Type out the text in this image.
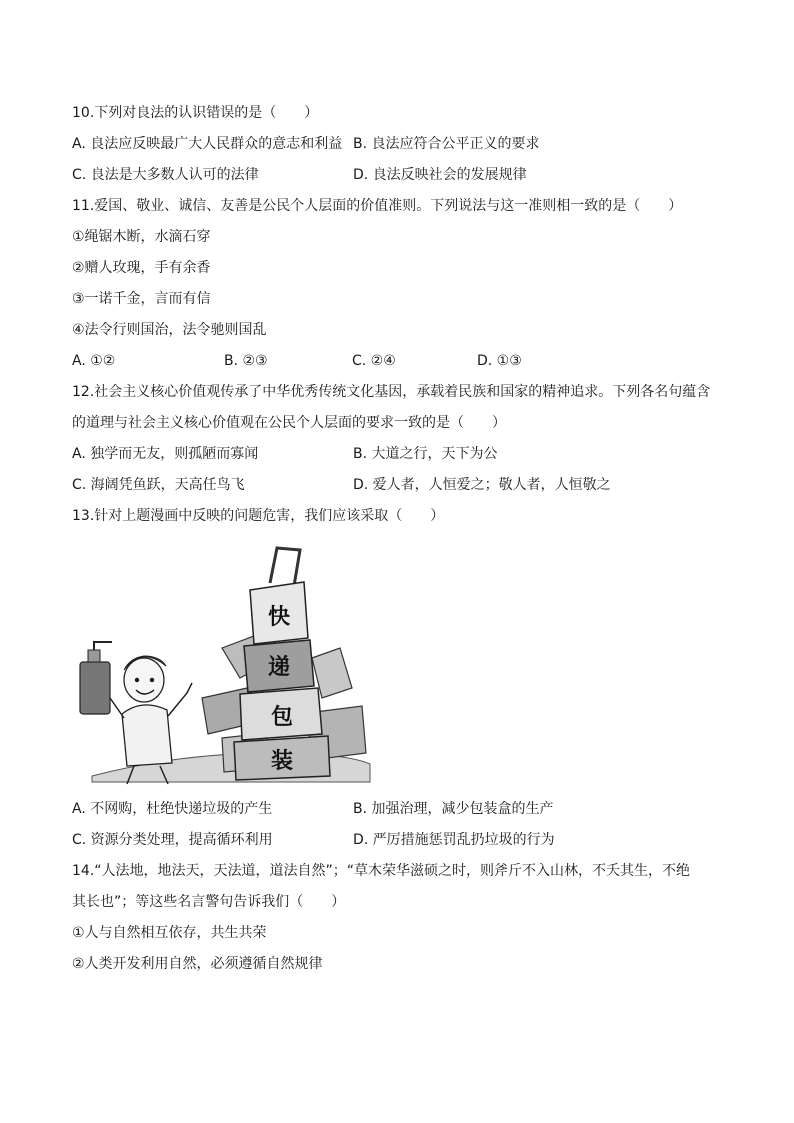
10.下列对良法的认识错误的是（　　）
A. 良法应反映最广大人民群众的意志和利益 B. 良法应符合公平正义的要求
C. 良法是大多数人认可的法律	D. 良法反映社会的发展规律
11.爱国、敬业、诚信、友善是公民个人层面的价值准则。下列说法与这一准则相一致的是（　　）
①绳锯木断，水滴石穿
②赠人玫瑰，手有余香
③一诺千金，言而有信
④法令行则国治，法令驰则国乱
A. ①②	B. ②③	C. ②④	D. ①③
12.社会主义核心价值观传承了中华优秀传统文化基因，承载着民族和国家的精神追求。下列各名句蕴含
的道理与社会主义核心价值观在公民个人层面的要求一致的是（　　）
A. 独学而无友，则孤陋而寡闻	B. 大道之行，天下为公
C. 海阔凭鱼跃，天高任鸟飞	D. 爱人者，人恒爱之；敬人者，人恒敬之
13.针对上题漫画中反映的问题危害，我们应该采取（　　）
快
递
包
装
A. 不网购，杜绝快递垃圾的产生	B. 加强治理，减少包装盒的生产
C. 资源分类处理，提高循环利用	D. 严厉措施惩罚乱扔垃圾的行为
14.“人法地，地法天，天法道，道法自然”；“草木荣华滋硕之时，则斧斤不入山林，不夭其生，不绝
其长也”；等这些名言警句告诉我们（　　）
①人与自然相互依存，共生共荣
②人类开发利用自然，必须遵循自然规律
